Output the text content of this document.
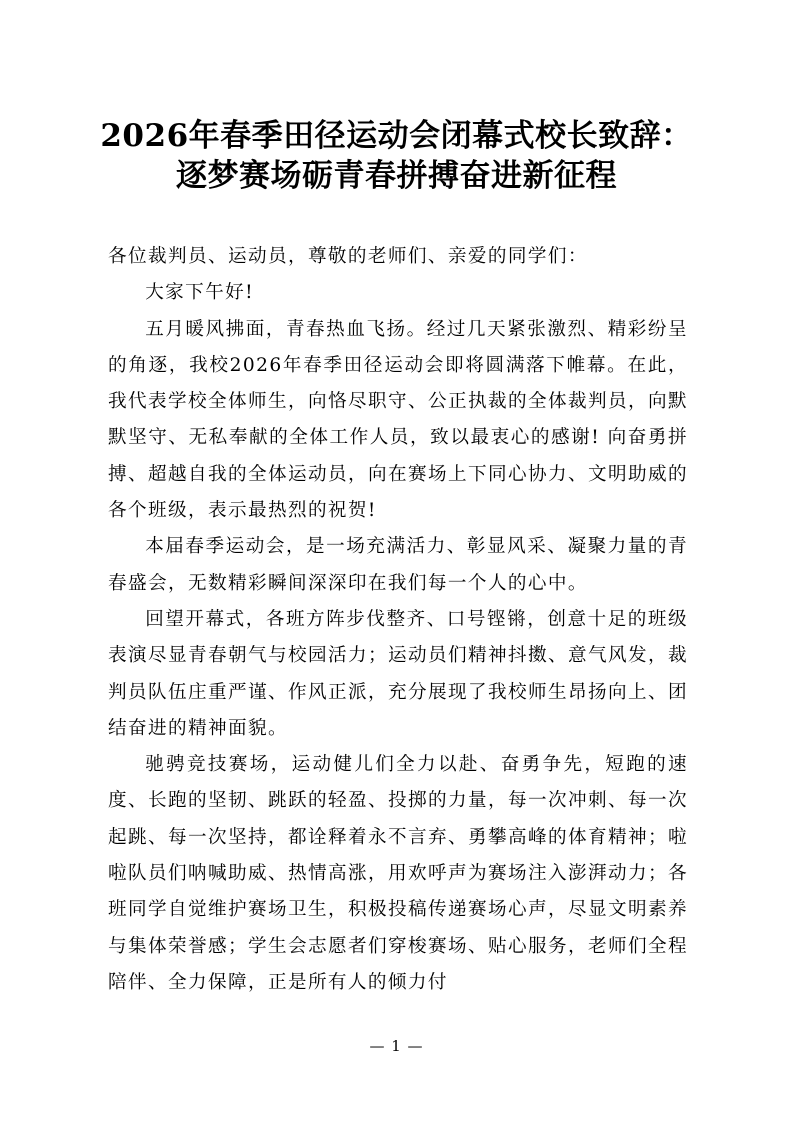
2026年春季田径运动会闭幕式校长致辞：
逐梦赛场砺青春拼搏奋进新征程

各位裁判员、运动员，尊敬的老师们、亲爱的同学们：

大家下午好!

五月暖风拂面，青春热血飞扬。经过几天紧张激烈、精彩纷呈的角逐，我校2026年春季田径运动会即将圆满落下帷幕。在此，我代表学校全体师生，向恪尽职守、公正执裁的全体裁判员，向默默坚守、无私奉献的全体工作人员，致以最衷心的感谢! 向奋勇拼搏、超越自我的全体运动员，向在赛场上下同心协力、文明助威的各个班级，表示最热烈的祝贺!

本届春季运动会，是一场充满活力、彰显风采、凝聚力量的青春盛会，无数精彩瞬间深深印在我们每一个人的心中。

回望开幕式，各班方阵步伐整齐、口号铿锵，创意十足的班级表演尽显青春朝气与校园活力；运动员们精神抖擞、意气风发，裁判员队伍庄重严谨、作风正派，充分展现了我校师生昂扬向上、团结奋进的精神面貌。

驰骋竞技赛场，运动健儿们全力以赴、奋勇争先，短跑的速度、长跑的坚韧、跳跃的轻盈、投掷的力量，每一次冲刺、每一次起跳、每一次坚持，都诠释着永不言弃、勇攀高峰的体育精神；啦啦队员们呐喊助威、热情高涨，用欢呼声为赛场注入澎湃动力；各班同学自觉维护赛场卫生，积极投稿传递赛场心声，尽显文明素养与集体荣誉感；学生会志愿者们穿梭赛场、贴心服务，老师们全程陪伴、全力保障，正是所有人的倾力付

— 1 —
